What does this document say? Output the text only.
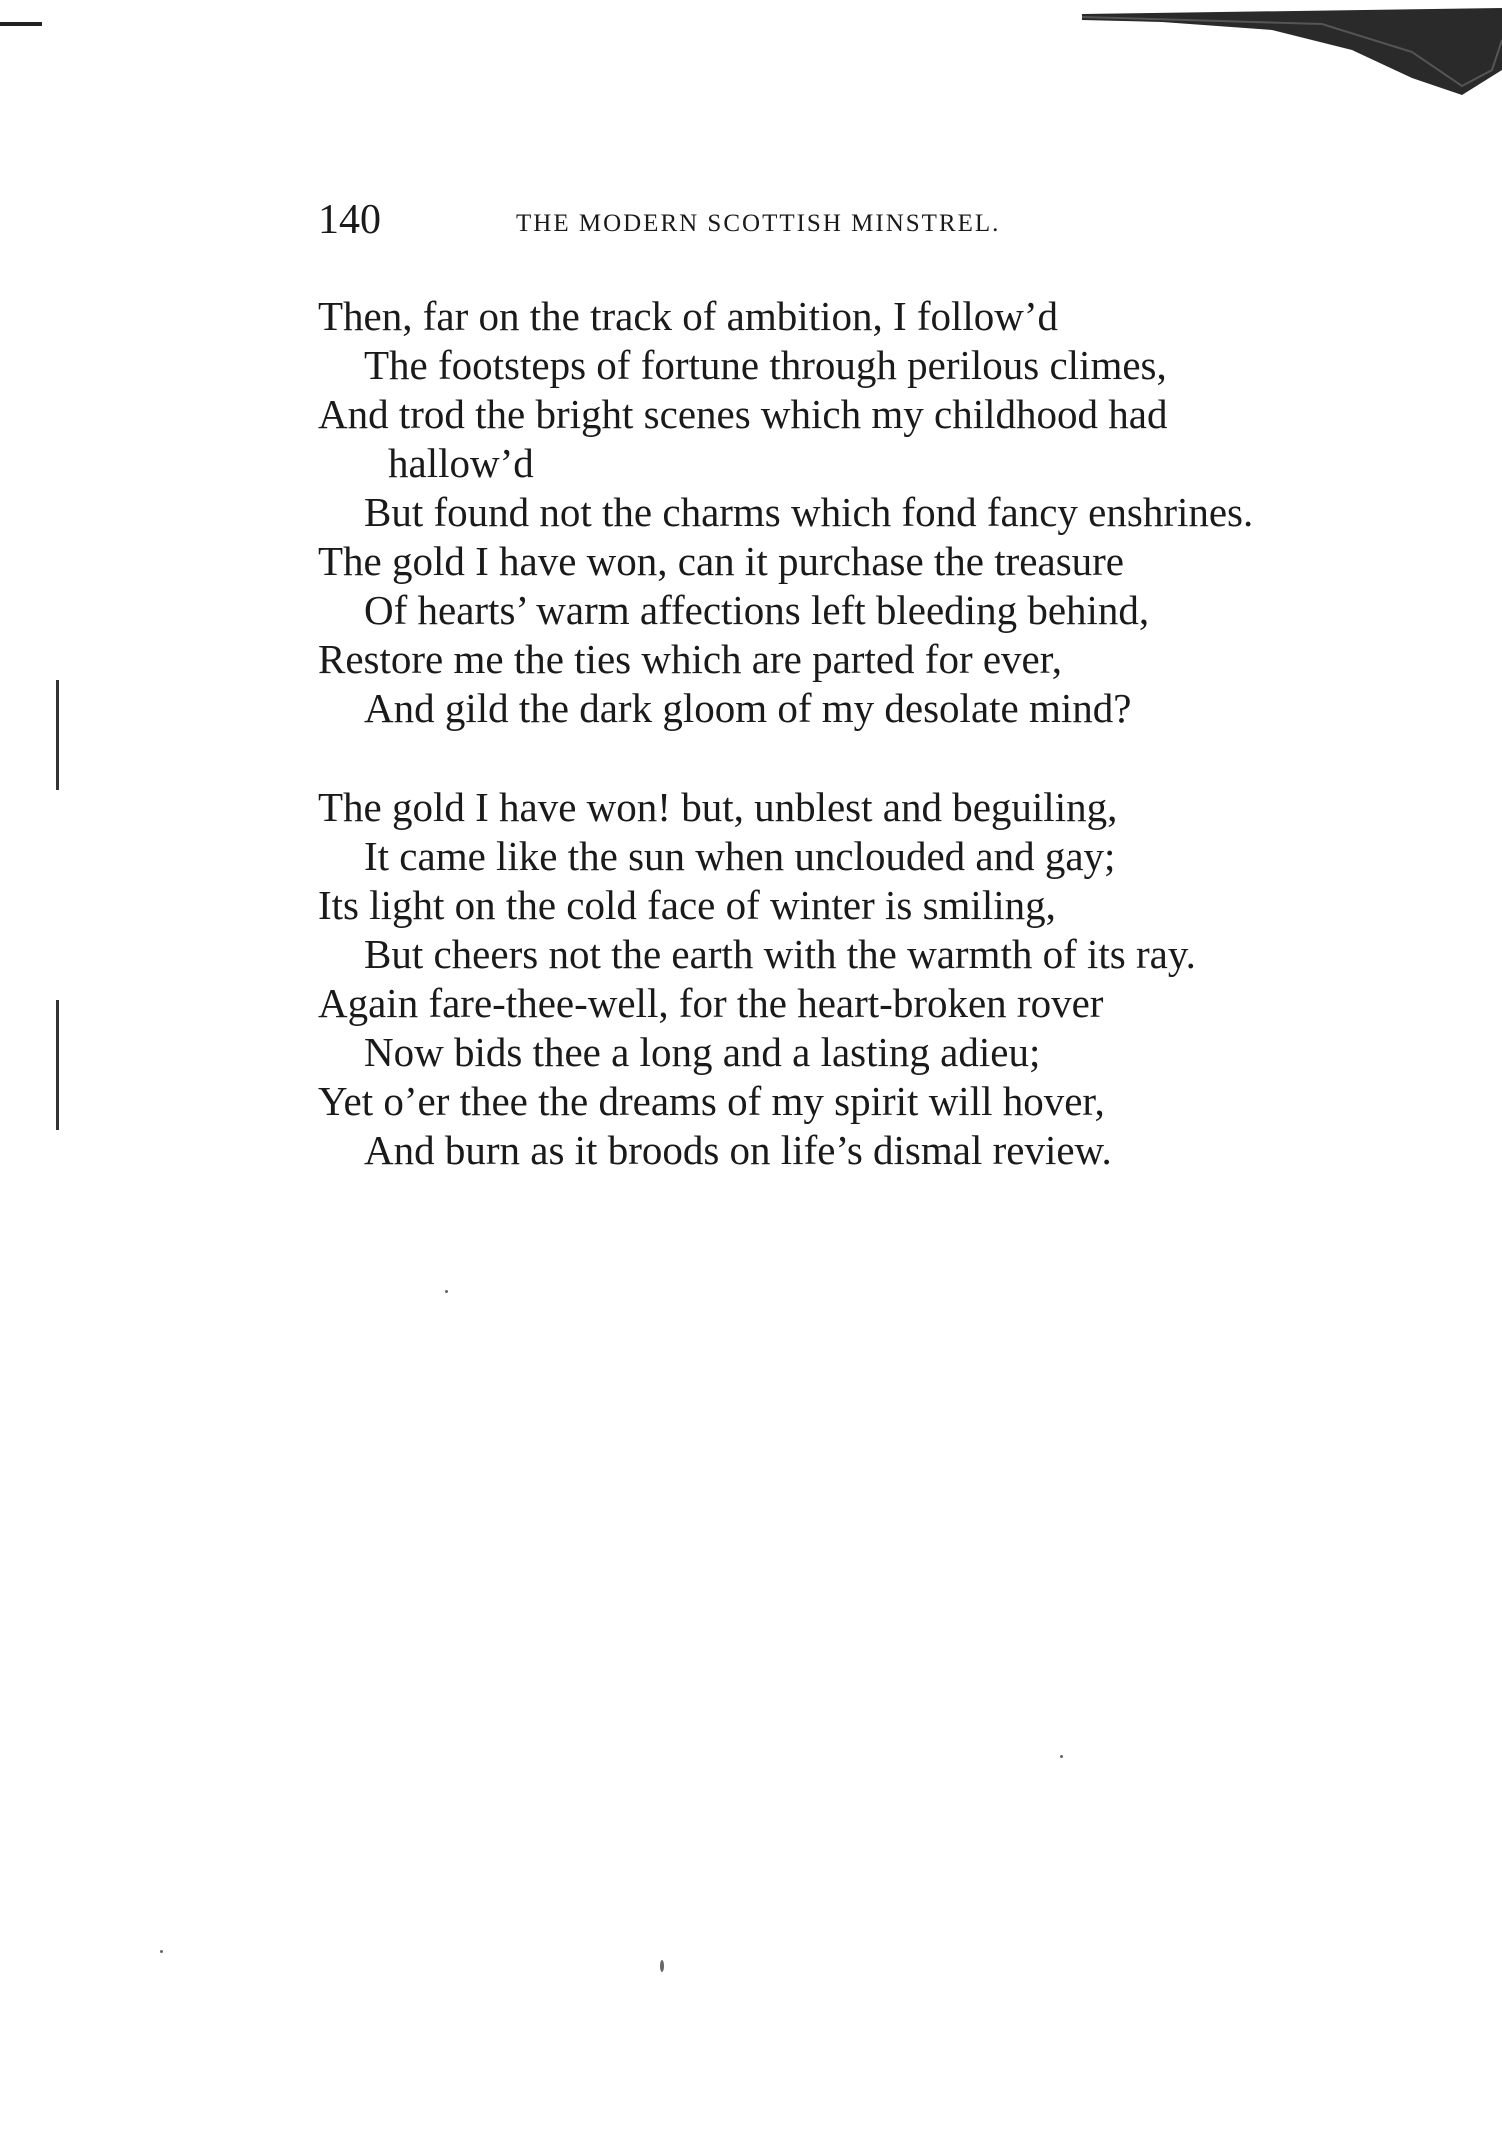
140	THE MODERN SCOTTISH MINSTREL.
Then, far on the track of ambition, I follow’d
The footsteps of fortune through perilous climes,
And trod the bright scenes which my childhood had
hallow’d
But found not the charms which fond fancy enshrines.
The gold I have won, can it purchase the treasure
Of hearts’ warm affections left bleeding behind,
Restore me the ties which are parted for ever,
And gild the dark gloom of my desolate mind?
The gold I have won! but, unblest and beguiling,
It came like the sun when unclouded and gay;
Its light on the cold face of winter is smiling,
But cheers not the earth with the warmth of its ray.
Again fare-thee-well, for the heart-broken rover
Now bids thee a long and a lasting adieu;
Yet o’er thee the dreams of my spirit will hover,
And burn as it broods on life’s dismal review.
